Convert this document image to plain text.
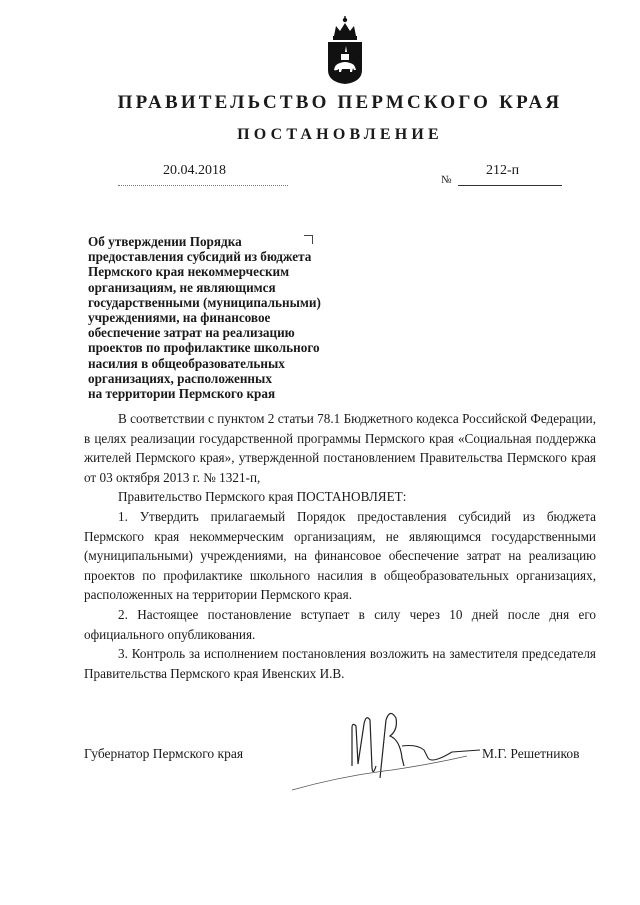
ПРАВИТЕЛЬСТВО ПЕРМСКОГО КРАЯ
ПОСТАНОВЛЕНИЕ
20.04.2018
№
212-п
Об утверждении Порядка
предоставления субсидий из бюджета
Пермского края некоммерческим
организациям, не являющимся
государственными (муниципальными)
учреждениями, на финансовое
обеспечение затрат на реализацию
проектов по профилактике школьного
насилия в общеобразовательных
организациях, расположенных
на территории Пермского края

В соответствии с пунктом 2 статьи 78.1 Бюджетного кодекса Российской Федерации, в целях реализации государственной программы Пермского края «Социальная поддержка жителей Пермского края», утвержденной постановлением Правительства Пермского края от 03 октября 2013 г. № 1321-п,

Правительство Пермского края ПОСТАНОВЛЯЕТ:

1. Утвердить прилагаемый Порядок предоставления субсидий из бюджета Пермского края некоммерческим организациям, не являющимся государственными (муниципальными) учреждениями, на финансовое обеспечение затрат на реализацию проектов по профилактике школьного насилия в общеобразовательных организациях, расположенных на территории Пермского края.

2. Настоящее постановление вступает в силу через 10 дней после дня его официального опубликования.

3. Контроль за исполнением постановления возложить на заместителя председателя Правительства Пермского края Ивенских И.В.

Губернатор Пермского края	М.Г. Решетников
